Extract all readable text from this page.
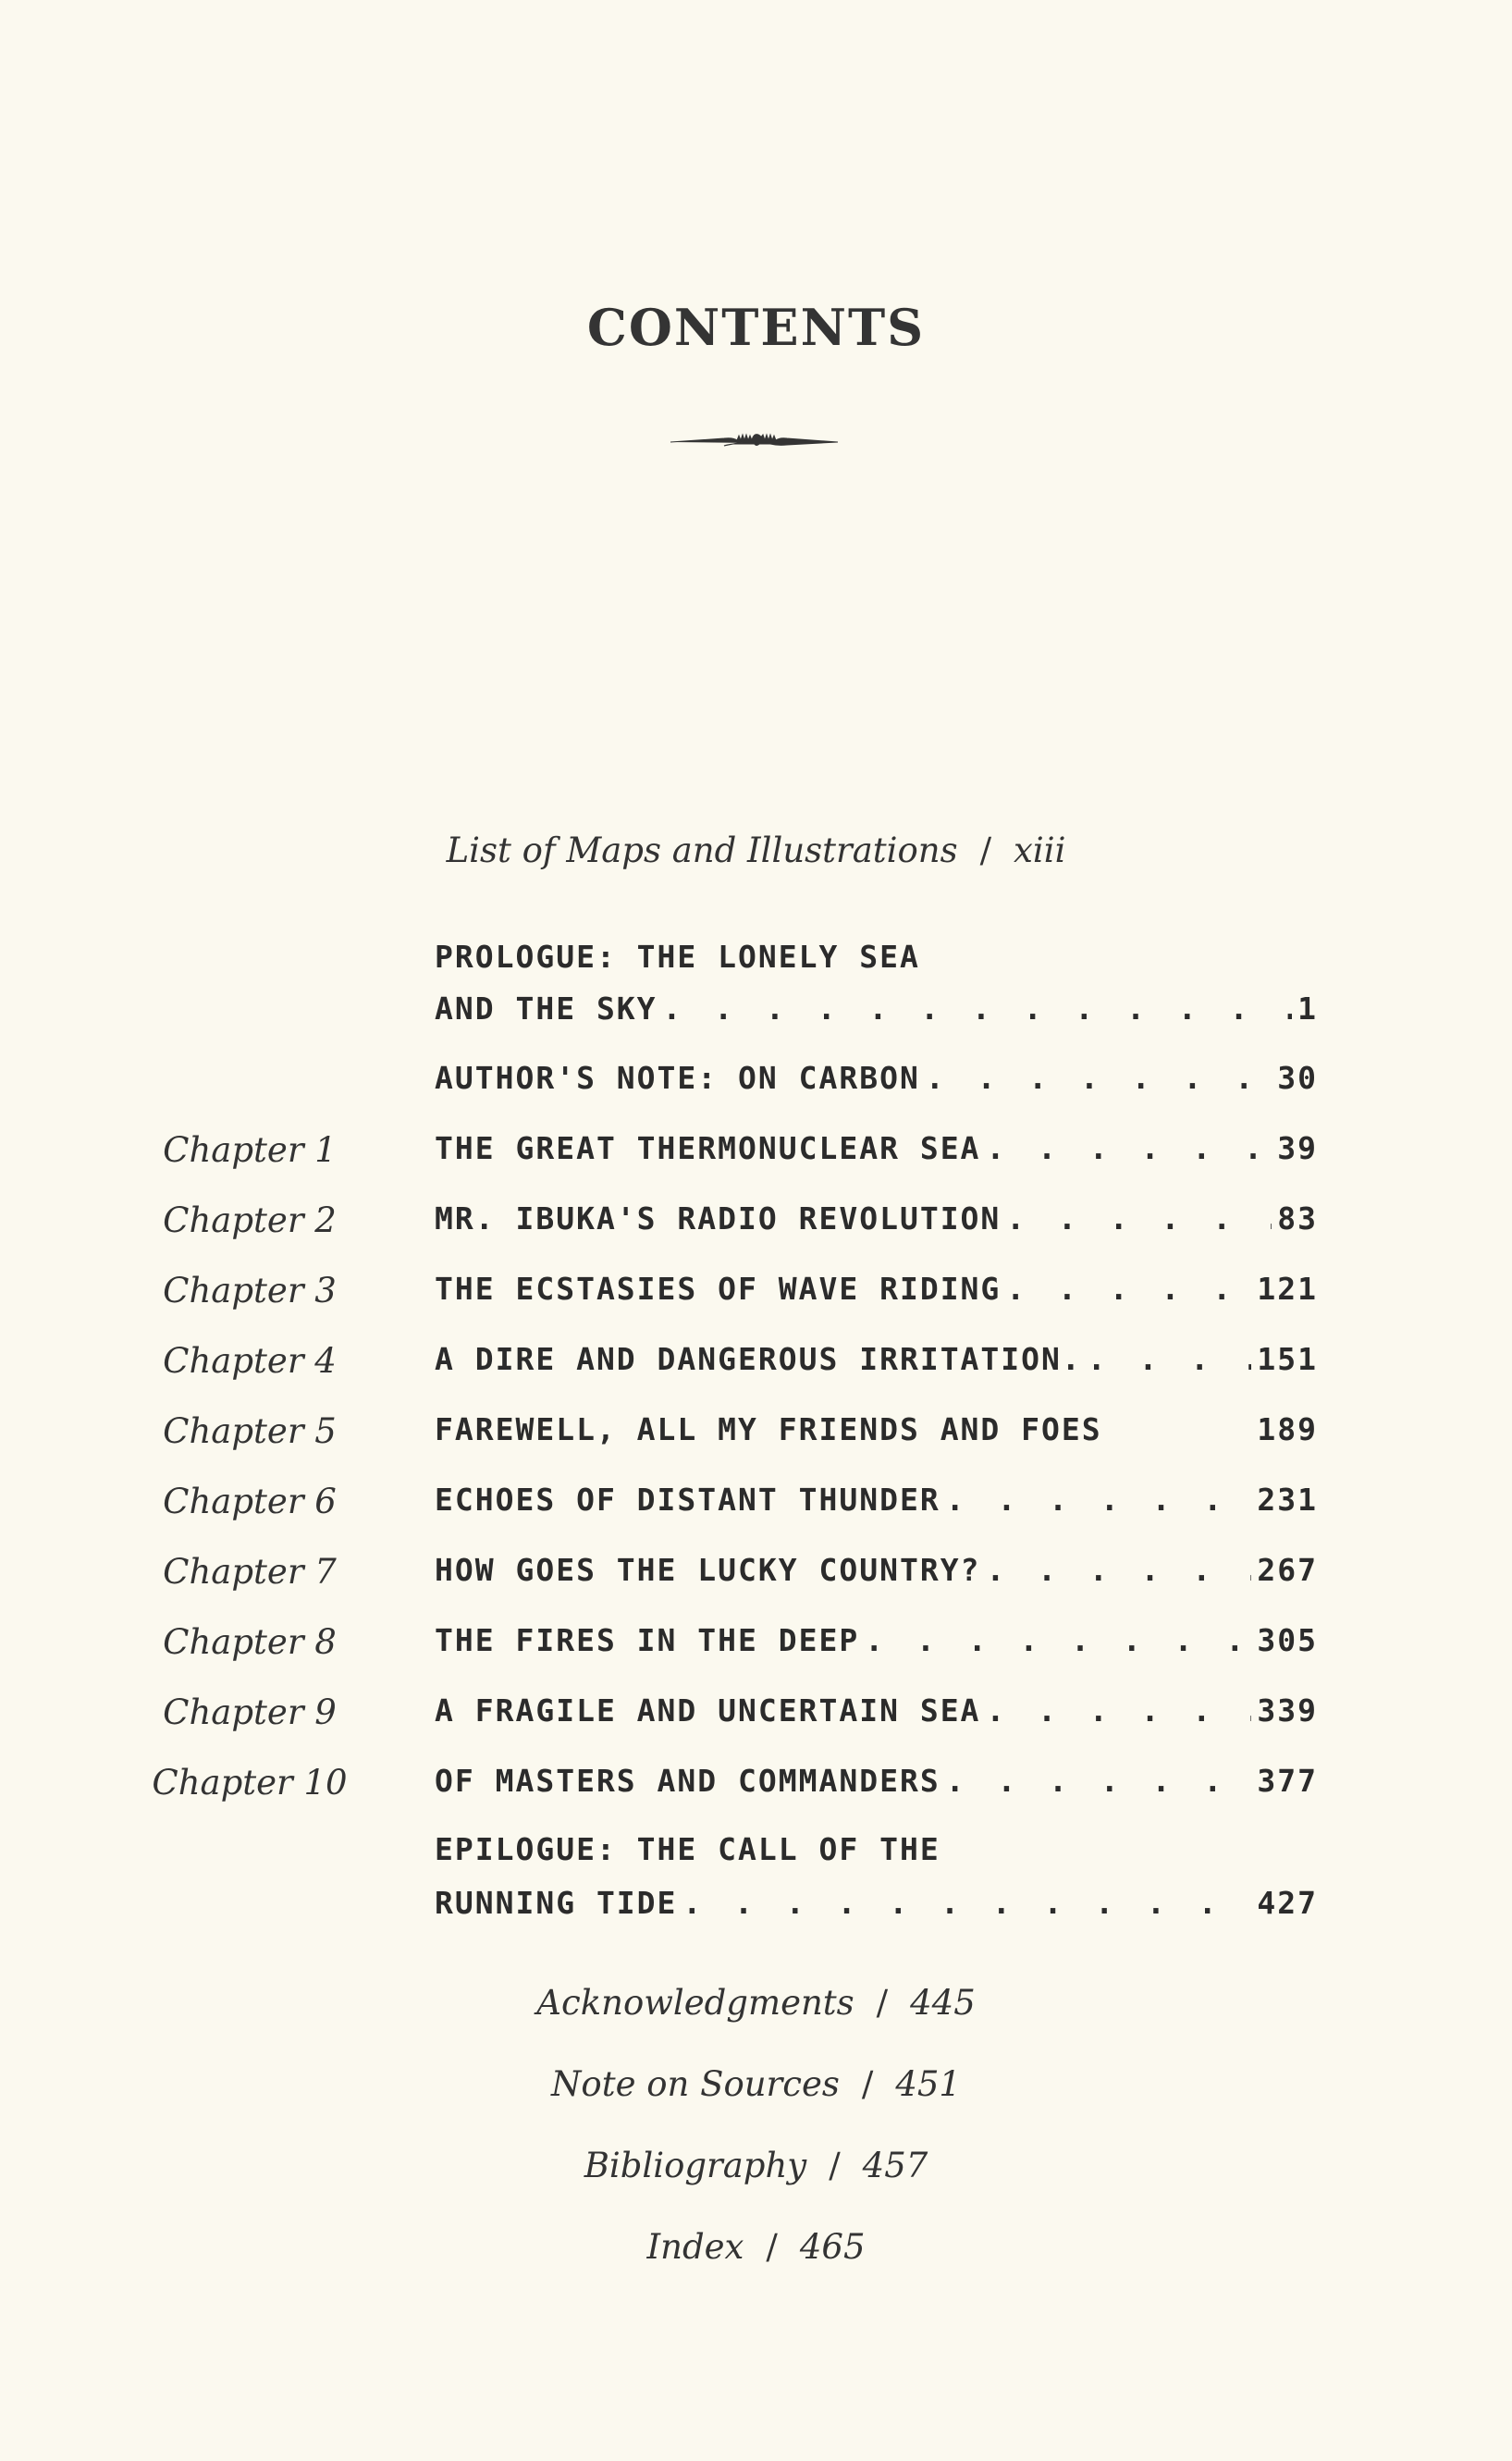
CONTENTS
List of Maps and Illustrations / xiii
PROLOGUE: THE LONELY SEA
AND THE SKY . . .	1
AUTHOR'S NOTE: ON CARBON . . .	30
Chapter 1	THE GREAT THERMONUCLEAR SEA . . .	39
Chapter 2	MR. IBUKA'S RADIO REVOLUTION . . .	83
Chapter 3	THE ECSTASIES OF WAVE RIDING . . .	121
Chapter 4	A DIRE AND DANGEROUS IRRITATION. . . .	151
Chapter 5	FAREWELL, ALL MY FRIENDS AND FOES	189
Chapter 6	ECHOES OF DISTANT THUNDER . . .	231
Chapter 7	HOW GOES THE LUCKY COUNTRY? . . .	267
Chapter 8	THE FIRES IN THE DEEP . . .	305
Chapter 9	A FRAGILE AND UNCERTAIN SEA . . .	339
Chapter 10	OF MASTERS AND COMMANDERS . . .	377
EPILOGUE: THE CALL OF THE
RUNNING TIDE . . .	427
Acknowledgments / 445
Note on Sources / 451
Bibliography / 457
Index / 465
